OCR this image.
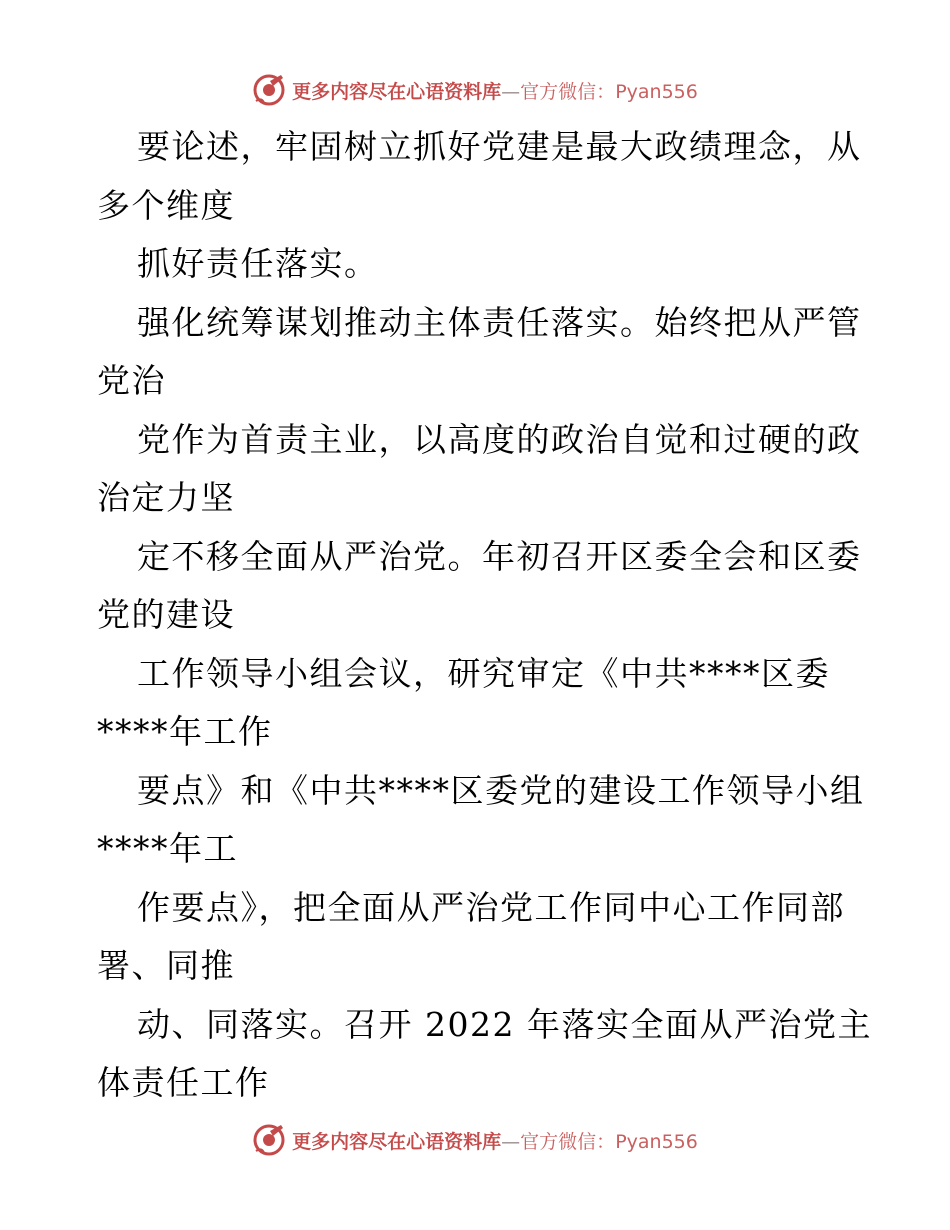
更多内容尽在心语资料库—官方微信：Pyan556
要论述，牢固树立抓好党建是最大政绩理念，从
多个维度
抓好责任落实。
强化统筹谋划推动主体责任落实。始终把从严管
党治
党作为首责主业，以高度的政治自觉和过硬的政
治定力坚
定不移全面从严治党。年初召开区委全会和区委
党的建设
工作领导小组会议，研究审定《中共****区委
****年工作
要点》和《中共****区委党的建设工作领导小组
****年工
作要点》，把全面从严治党工作同中心工作同部
署、同推
动、同落实。召开 2022 年落实全面从严治党主
体责任工作
更多内容尽在心语资料库—官方微信：Pyan556
